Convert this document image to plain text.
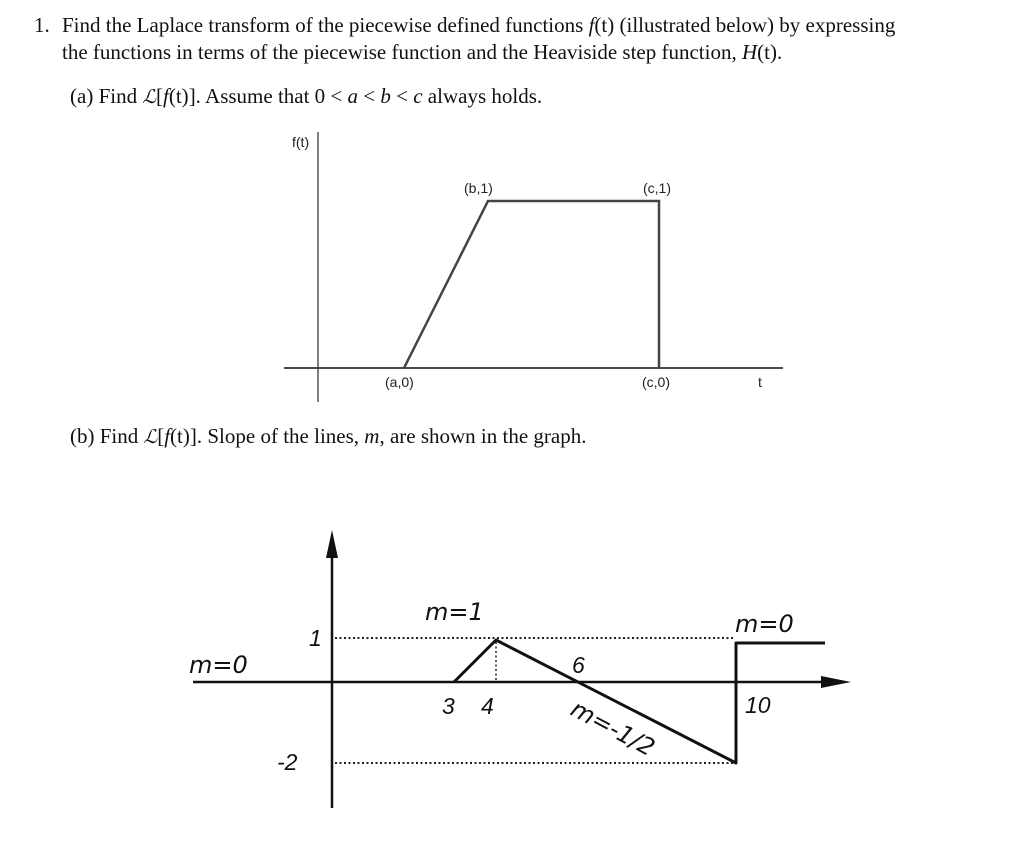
1. Find the Laplace transform of the piecewise defined functions f(t) (illustrated below) by expressing
the functions in terms of the piecewise function and the Heaviside step function, H(t).
(a) Find ℒ[f(t)]. Assume that 0 < a < b < c always holds.
f(t)
(b,1)	(c,1)
(a,0)	(c,0)	t
(b) Find ℒ[f(t)]. Slope of the lines, m, are shown in the graph.
m=0
m=1	m=0
m=-1/2
1
-2
3 4
6
10
